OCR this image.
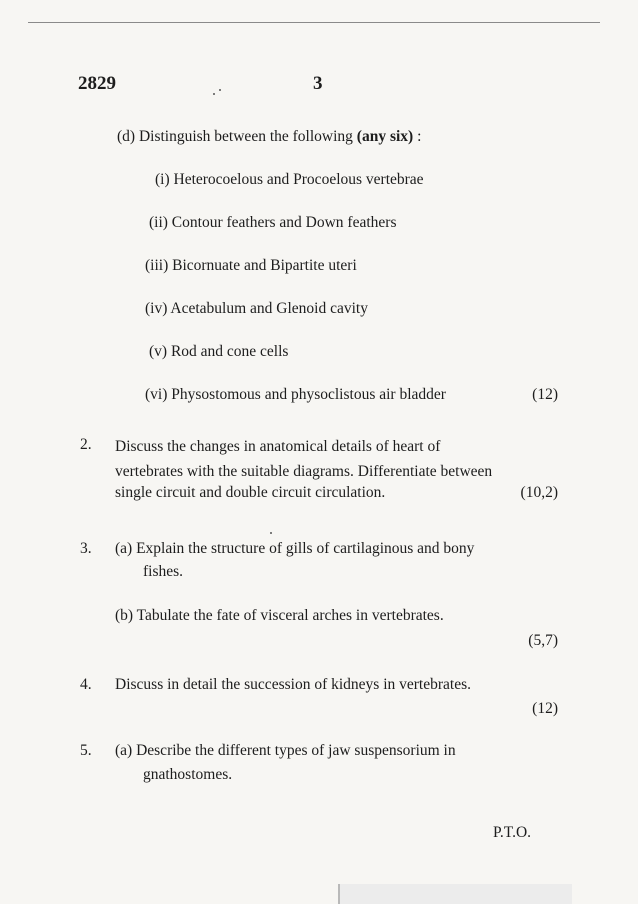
2829	3
(d) Distinguish between the following (any six) :
(i) Heterocoelous and Procoelous vertebrae
(ii) Contour feathers and Down feathers
(iii) Bicornuate and Bipartite uteri
(iv) Acetabulum and Glenoid cavity
(v) Rod and cone cells
(vi) Physostomous and physoclistous air bladder	(12)
2.	Discuss the changes in anatomical details of heart of
vertebrates with the suitable diagrams. Differentiate between
single circuit and double circuit circulation.	(10,2)
3.	(a) Explain the structure of gills of cartilaginous and bony
fishes.
(b) Tabulate the fate of visceral arches in vertebrates.
(5,7)
4.	Discuss in detail the succession of kidneys in vertebrates.
(12)
5.	(a) Describe the different types of jaw suspensorium in
gnathostomes.
P.T.O.
